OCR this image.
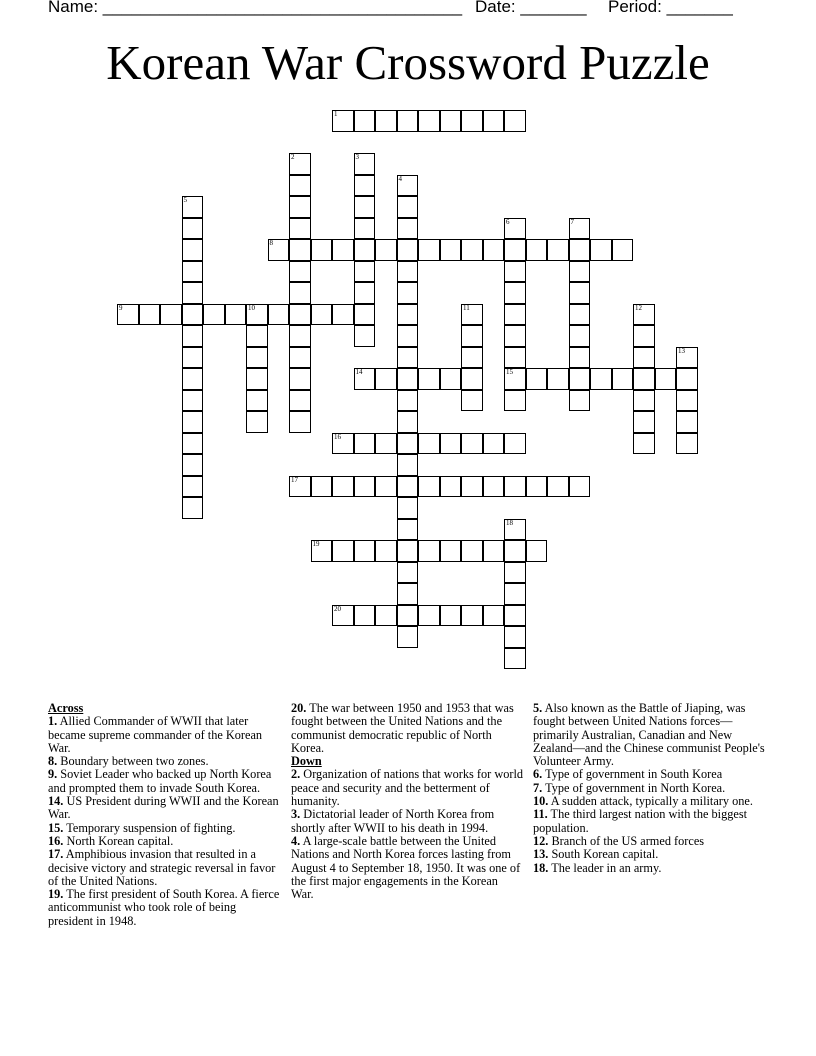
Name: ______________________________________ Date: _______ Period: _______
Korean War Crossword Puzzle
1
2	3
4
5
6
15
7
8
9	10	11	12
13
14
16
17
18
19
20
Across
1. Allied Commander of WWII that later became supreme commander of the Korean War.
8. Boundary between two zones.
9. Soviet Leader who backed up North Korea and prompted them to invade South Korea.
14. US President during WWII and the Korean War.
15. Temporary suspension of fighting.
16. North Korean capital.
17. Amphibious invasion that resulted in a decisive victory and strategic reversal in favor of the United Nations.
19. The first president of South Korea. A fierce anticommunist who took role of being president in 1948.
20. The war between 1950 and 1953 that was fought between the United Nations and the communist democratic republic of North Korea.
Down
2. Organization of nations that works for world peace and security and the betterment of humanity.
3. Dictatorial leader of North Korea from shortly after WWII to his death in 1994.
4. A large-scale battle between the United Nations and North Korea forces lasting from August 4 to September 18, 1950. It was one of the first major engagements in the Korean War.
5. Also known as the Battle of Jiaping, was fought between United Nations forces—primarily Australian, Canadian and New Zealand—and the Chinese communist People's Volunteer Army.
6. Type of government in South Korea
7. Type of government in North Korea.
10. A sudden attack, typically a military one.
11. The third largest nation with the biggest population.
12. Branch of the US armed forces
13. South Korean capital.
18. The leader in an army.
